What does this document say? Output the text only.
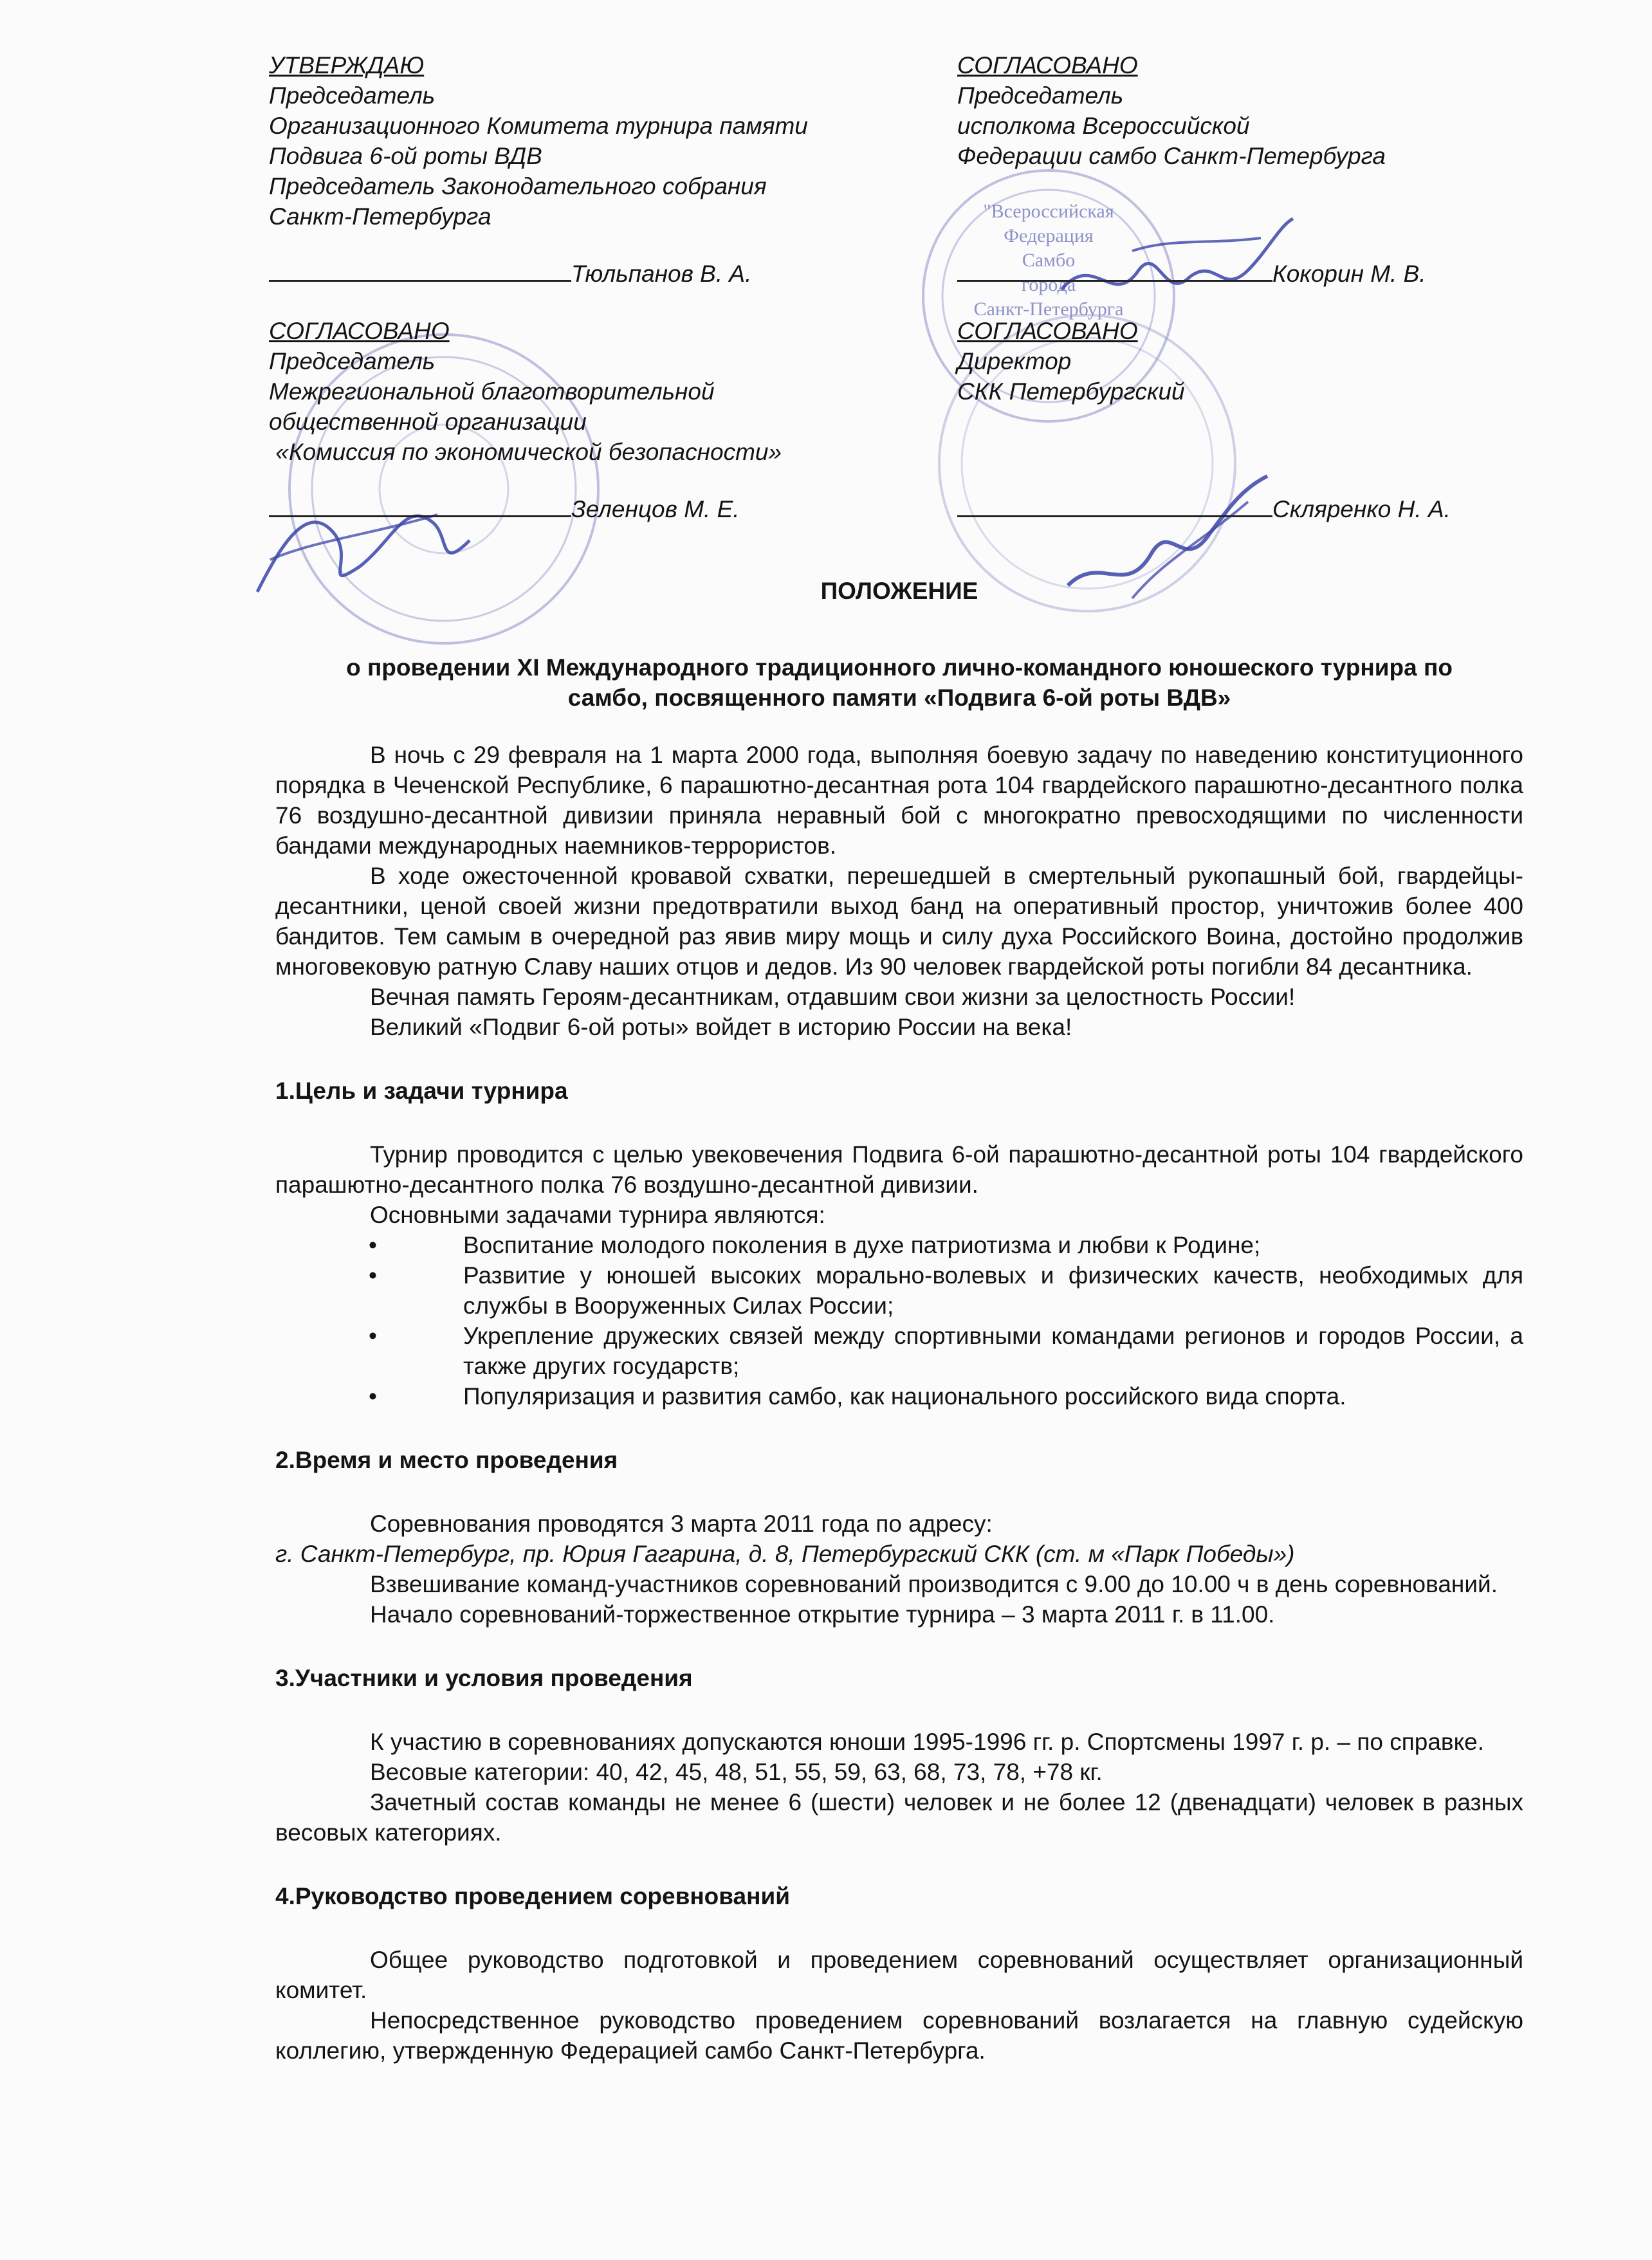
"Всероссийская
Федерация
Самбо
города
Санкт-Петербурга

УТВЕРЖДАЮ

Председатель

Организационного Комитета турнира памяти

Подвига 6-ой роты ВДВ

Председатель Законодательного собрания

Санкт-Петербурга

Тюльпанов В. А.

СОГЛАСОВАНО

Председатель

Межрегиональной благотворительной

общественной организации

«Комиссия по экономической безопасности»

Зеленцов М. Е.

СОГЛАСОВАНО

Председатель

исполкома Всероссийской

Федерации самбо Санкт-Петербурга

Кокорин М. В.

СОГЛАСОВАНО

Директор

СКК Петербургский

Скляренко Н. А.

ПОЛОЖЕНИЕ

о проведении XI Международного традиционного лично-командного юношеского турнира по

самбо, посвященного памяти «Подвига 6-ой роты ВДВ»

В ночь с 29 февраля на 1 марта 2000 года, выполняя боевую задачу по наведению конституционного порядка в Чеченской Республике, 6 парашютно-десантная рота 104 гвардейского парашютно-десантного полка 76 воздушно-десантной дивизии приняла неравный бой с многократно превосходящими по численности бандами международных наемников-террористов.

В ходе ожесточенной кровавой схватки, перешедшей в смертельный рукопашный бой, гвардейцы-десантники, ценой своей жизни предотвратили выход банд на оперативный простор, уничтожив более 400 бандитов. Тем самым в очередной раз явив миру мощь и силу духа Российского Воина, достойно продолжив многовековую ратную Славу наших отцов и дедов. Из 90 человек гвардейской роты погибли 84 десантника.

Вечная память Героям-десантникам, отдавшим свои жизни за целостность России!

Великий «Подвиг 6-ой роты» войдет в историю России на века!

1.Цель и задачи турнира

Турнир проводится с целью увековечения Подвига 6-ой парашютно-десантной роты 104 гвардейского парашютно-десантного полка 76 воздушно-десантной дивизии.

Основными задачами турнира являются:

•	Воспитание молодого поколения в духе патриотизма и любви к Родине;
•	Развитие у юношей высоких морально-волевых и физических качеств, необходимых для службы в Вооруженных Силах России;
•	Укрепление дружеских связей между спортивными командами регионов и городов России, а также других государств;
•	Популяризация и развития самбо, как национального российского вида спорта.

2.Время и место проведения

Соревнования проводятся 3 марта 2011 года по адресу:

г. Санкт-Петербург, пр. Юрия Гагарина, д. 8, Петербургский СКК (ст. м «Парк Победы»)

Взвешивание команд-участников соревнований производится с 9.00 до 10.00 ч в день соревнований.

Начало соревнований-торжественное открытие турнира – 3 марта 2011 г. в 11.00.

3.Участники и условия проведения

К участию в соревнованиях допускаются юноши 1995-1996 гг. р. Спортсмены 1997 г. р. – по справке.

Весовые категории: 40, 42, 45, 48, 51, 55, 59, 63, 68, 73, 78, +78 кг.

Зачетный состав команды не менее 6 (шести) человек и не более 12 (двенадцати) человек в разных весовых категориях.

4.Руководство проведением соревнований

Общее руководство подготовкой и проведением соревнований осуществляет организационный комитет.

Непосредственное руководство проведением соревнований возлагается на главную судейскую коллегию, утвержденную Федерацией самбо Санкт-Петербурга.
